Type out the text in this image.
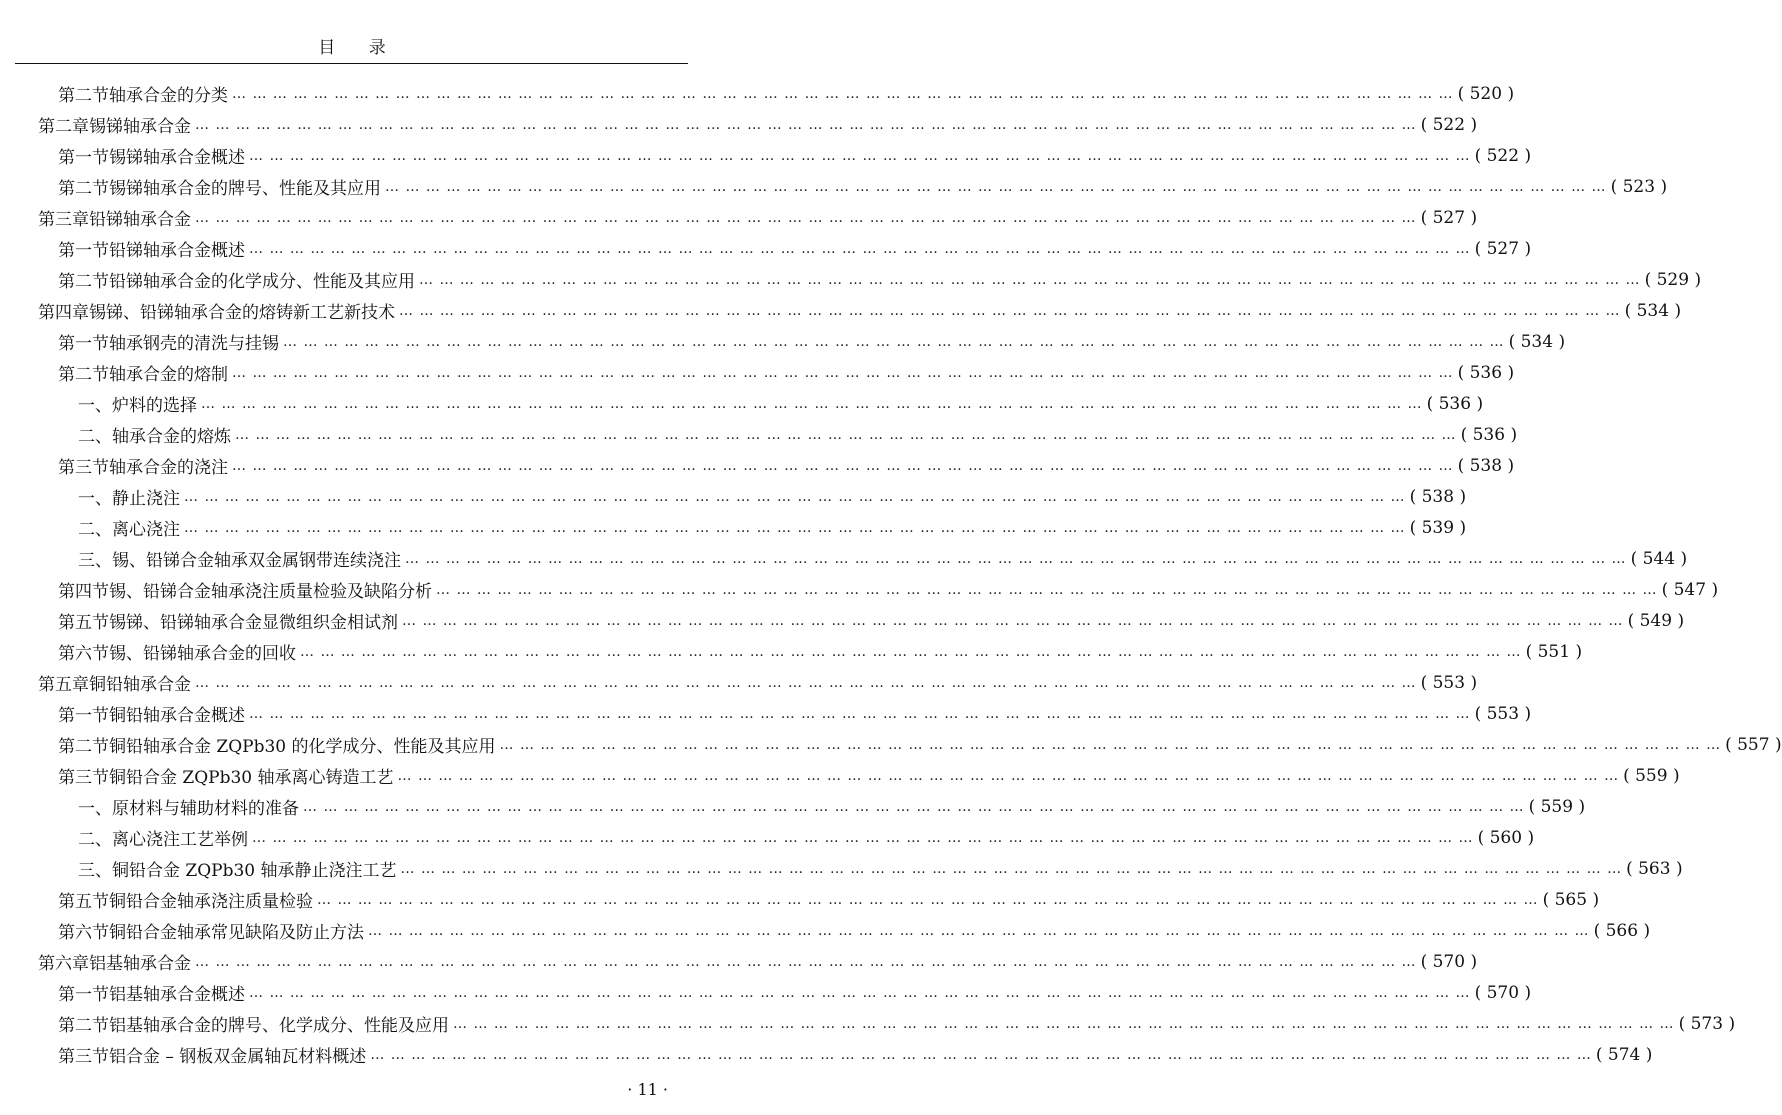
目 录
第二节 轴承合金的分类 … … … … … … … … … … … … … … … … … … … … … … … … … … … … … … … … … … … … … … … … … … … … … … … … … … … … … … … … … … … … ( 520 )
第二章 锡锑轴承合金 … … … … … … … … … … … … … … … … … … … … … … … … … … … … … … … … … … … … … … … … … … … … … … … … … … … … … … … … … … … … ( 522 )
第一节 锡锑轴承合金概述 … … … … … … … … … … … … … … … … … … … … … … … … … … … … … … … … … … … … … … … … … … … … … … … … … … … … … … … … … … … … ( 522 )
第二节 锡锑轴承合金的牌号、性能及其应用 … … … … … … … … … … … … … … … … … … … … … … … … … … … … … … … … … … … … … … … … … … … … … … … … … … … … … … … … … … … … ( 523 )
第三章 铅锑轴承合金 … … … … … … … … … … … … … … … … … … … … … … … … … … … … … … … … … … … … … … … … … … … … … … … … … … … … … … … … … … … … ( 527 )
第一节 铅锑轴承合金概述 … … … … … … … … … … … … … … … … … … … … … … … … … … … … … … … … … … … … … … … … … … … … … … … … … … … … … … … … … … … … ( 527 )
第二节 铅锑轴承合金的化学成分、性能及其应用 … … … … … … … … … … … … … … … … … … … … … … … … … … … … … … … … … … … … … … … … … … … … … … … … … … … … … … … … … … … … ( 529 )
第四章 锡锑、铅锑轴承合金的熔铸新工艺新技术 … … … … … … … … … … … … … … … … … … … … … … … … … … … … … … … … … … … … … … … … … … … … … … … … … … … … … … … … … … … … ( 534 )
第一节 轴承钢壳的清洗与挂锡 … … … … … … … … … … … … … … … … … … … … … … … … … … … … … … … … … … … … … … … … … … … … … … … … … … … … … … … … … … … … ( 534 )
第二节 轴承合金的熔制 … … … … … … … … … … … … … … … … … … … … … … … … … … … … … … … … … … … … … … … … … … … … … … … … … … … … … … … … … … … … ( 536 )
一、炉料的选择 … … … … … … … … … … … … … … … … … … … … … … … … … … … … … … … … … … … … … … … … … … … … … … … … … … … … … … … … … … … … ( 536 )
二、轴承合金的熔炼 … … … … … … … … … … … … … … … … … … … … … … … … … … … … … … … … … … … … … … … … … … … … … … … … … … … … … … … … … … … … ( 536 )
第三节 轴承合金的浇注 … … … … … … … … … … … … … … … … … … … … … … … … … … … … … … … … … … … … … … … … … … … … … … … … … … … … … … … … … … … … ( 538 )
一、静止浇注 … … … … … … … … … … … … … … … … … … … … … … … … … … … … … … … … … … … … … … … … … … … … … … … … … … … … … … … … … … … … ( 538 )
二、离心浇注 … … … … … … … … … … … … … … … … … … … … … … … … … … … … … … … … … … … … … … … … … … … … … … … … … … … … … … … … … … … … ( 539 )
三、锡、铅锑合金轴承双金属钢带连续浇注 … … … … … … … … … … … … … … … … … … … … … … … … … … … … … … … … … … … … … … … … … … … … … … … … … … … … … … … … … … … … ( 544 )
第四节 锡、铅锑合金轴承浇注质量检验及缺陷分析 … … … … … … … … … … … … … … … … … … … … … … … … … … … … … … … … … … … … … … … … … … … … … … … … … … … … … … … … … … … … ( 547 )
第五节 锡锑、铅锑轴承合金显微组织金相试剂 … … … … … … … … … … … … … … … … … … … … … … … … … … … … … … … … … … … … … … … … … … … … … … … … … … … … … … … … … … … … ( 549 )
第六节 锡、铅锑轴承合金的回收 … … … … … … … … … … … … … … … … … … … … … … … … … … … … … … … … … … … … … … … … … … … … … … … … … … … … … … … … … … … … ( 551 )
第五章 铜铅轴承合金 … … … … … … … … … … … … … … … … … … … … … … … … … … … … … … … … … … … … … … … … … … … … … … … … … … … … … … … … … … … … ( 553 )
第一节 铜铅轴承合金概述 … … … … … … … … … … … … … … … … … … … … … … … … … … … … … … … … … … … … … … … … … … … … … … … … … … … … … … … … … … … … ( 553 )
第二节 铜铅轴承合金 ZQPb30 的化学成分、性能及其应用 … … … … … … … … … … … … … … … … … … … … … … … … … … … … … … … … … … … … … … … … … … … … … … … … … … … … … … … … … … … … ( 557 )
第三节 铜铅合金 ZQPb30 轴承离心铸造工艺 … … … … … … … … … … … … … … … … … … … … … … … … … … … … … … … … … … … … … … … … … … … … … … … … … … … … … … … … … … … … ( 559 )
一、原材料与辅助材料的准备 … … … … … … … … … … … … … … … … … … … … … … … … … … … … … … … … … … … … … … … … … … … … … … … … … … … … … … … … … … … … ( 559 )
二、离心浇注工艺举例 … … … … … … … … … … … … … … … … … … … … … … … … … … … … … … … … … … … … … … … … … … … … … … … … … … … … … … … … … … … … ( 560 )
三、铜铅合金 ZQPb30 轴承静止浇注工艺 … … … … … … … … … … … … … … … … … … … … … … … … … … … … … … … … … … … … … … … … … … … … … … … … … … … … … … … … … … … … ( 563 )
第五节 铜铅合金轴承浇注质量检验 … … … … … … … … … … … … … … … … … … … … … … … … … … … … … … … … … … … … … … … … … … … … … … … … … … … … … … … … … … … … ( 565 )
第六节 铜铅合金轴承常见缺陷及防止方法 … … … … … … … … … … … … … … … … … … … … … … … … … … … … … … … … … … … … … … … … … … … … … … … … … … … … … … … … … … … … ( 566 )
第六章 铝基轴承合金 … … … … … … … … … … … … … … … … … … … … … … … … … … … … … … … … … … … … … … … … … … … … … … … … … … … … … … … … … … … … ( 570 )
第一节 铝基轴承合金概述 … … … … … … … … … … … … … … … … … … … … … … … … … … … … … … … … … … … … … … … … … … … … … … … … … … … … … … … … … … … … ( 570 )
第二节 铝基轴承合金的牌号、化学成分、性能及应用 … … … … … … … … … … … … … … … … … … … … … … … … … … … … … … … … … … … … … … … … … … … … … … … … … … … … … … … … … … … … ( 573 )
第三节 铝合金 – 钢板双金属轴瓦材料概述 … … … … … … … … … … … … … … … … … … … … … … … … … … … … … … … … … … … … … … … … … … … … … … … … … … … … … … … … … … … … ( 574 )
· 11 ·
